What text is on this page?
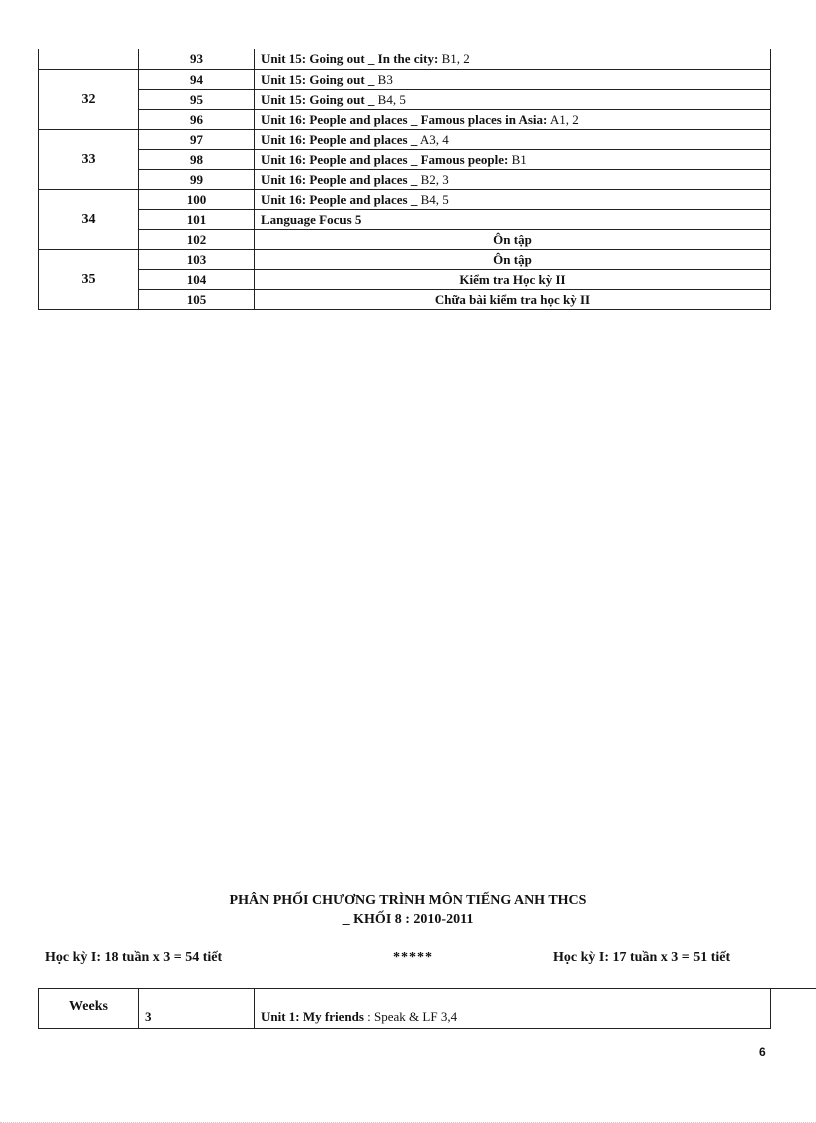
	93	Unit 15: Going out _ In the city: B1, 2
32	94	Unit 15: Going out _ B3
	95	Unit 15: Going out _ B4, 5
	96	Unit 16: People and places _ Famous places in Asia: A1, 2
33	97	Unit 16: People and places _ A3, 4
	98	Unit 16: People and places _ Famous people: B1
	99	Unit 16: People and places _ B2, 3
34	100	Unit 16: People and places _ B4, 5
	101	Language Focus 5
	102	Ôn tập
35	103	Ôn tập
	104	Kiểm tra Học kỳ II
	105	Chữa bài kiểm tra học kỳ II
PHÂN PHỐI CHƯƠNG TRÌNH MÔN TIẾNG ANH THCS
_ KHỐI 8 : 2010-2011
Học kỳ I: 18 tuần x 3 = 54 tiết	*****	Học kỳ I: 17 tuần x 3 = 51 tiết
Weeks	3	Unit 1: My friends : Speak & LF 3,4
6
